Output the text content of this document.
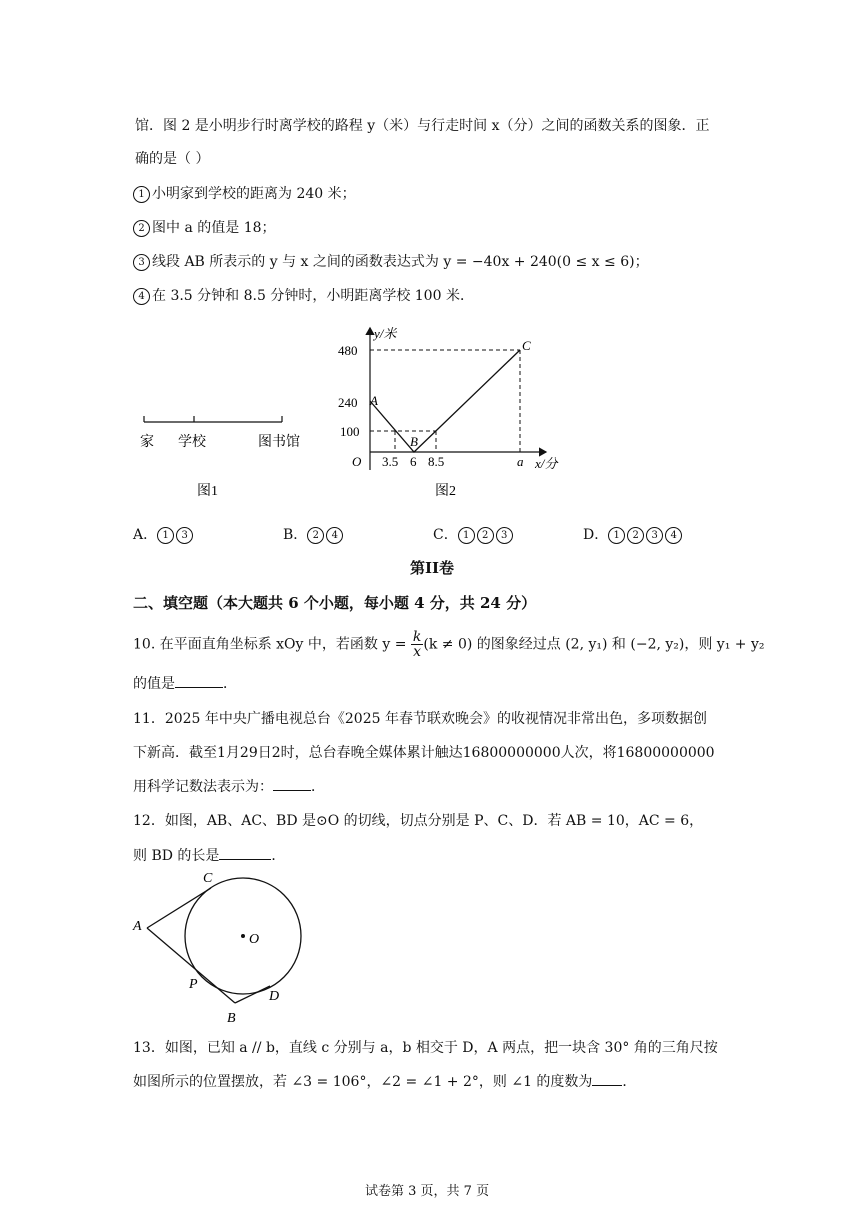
馆．图 2 是小明步行时离学校的路程 y（米）与行走时间 x（分）之间的函数关系的图象．正
确的是（ ）
1 小明家到学校的距离为 240 米；
2 图中 a 的值是 18；
3 线段 AB 所表示的 y 与 x 之间的函数表达式为 y = −40x + 240(0 ≤ x ≤ 6)；
4 在 3.5 分钟和 8.5 分钟时，小明距离学校 100 米．
家 学校	图书馆
图1
y/米
480
240
100
A
B
C
O 3.5 6 8.5	a x/分
图2
A． 1 3	B． 2 4	C． 1 2 3	D． 1 2 3 4
第II卷
二、填空题（本大题共 6 个小题，每小题 4 分，共 24 分）
10. 在平面直角坐标系 xOy 中，若函数 $y = \frac{k}{x} (k \ne 0)$ 的图象经过点 (2, y₁) 和 (−2, y₂)，则 y₁ + y₂
的值是	．
11．2025 年中央广播电视总台《2025 年春节联欢晚会》的收视情况非常出色，多项数据创
下新高．截至1月29日2时，总台春晚全媒体累计触达16800000000人次，将16800000000
用科学记数法表示为：	．
12．如图，AB、AC、BD 是⊙O 的切线，切点分别是 P、C、D．若 AB = 10，AC = 6，
则 BD 的长是	．
A
C
O
P
D
B
13．如图，已知 a // b，直线 c 分别与 a，b 相交于 D，A 两点，把一块含 30° 角的三角尺按
如图所示的位置摆放，若 ∠3 = 106°，∠2 = ∠1 + 2°，则 ∠1 的度数为 ．
试卷第 3 页，共 7 页
